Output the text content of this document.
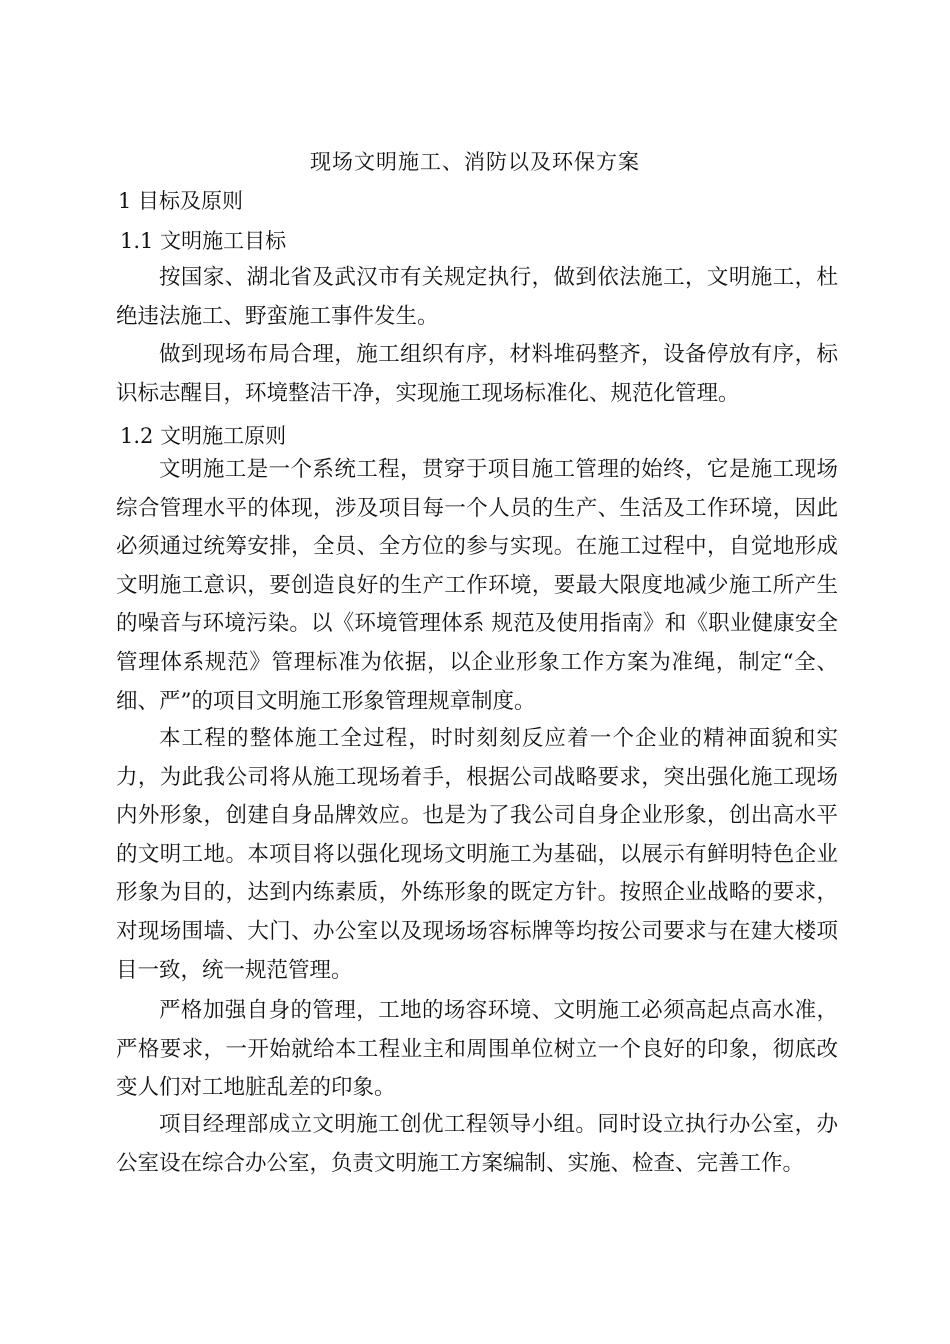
现场文明施工、消防以及环保方案
1 目标及原则
1.1 文明施工目标

按国家、湖北省及武汉市有关规定执行，做到依法施工，文明施工，杜绝违法施工、野蛮施工事件发生。

做到现场布局合理，施工组织有序，材料堆码整齐，设备停放有序，标识标志醒目，环境整洁干净，实现施工现场标准化、规范化管理。

1.2 文明施工原则

文明施工是一个系统工程，贯穿于项目施工管理的始终，它是施工现场综合管理水平的体现，涉及项目每一个人员的生产、生活及工作环境，因此必须通过统筹安排，全员、全方位的参与实现。在施工过程中，自觉地形成文明施工意识，要创造良好的生产工作环境，要最大限度地减少施工所产生的噪音与环境污染。以《环境管理体系 规范及使用指南》和《职业健康安全管理体系规范》管理标准为依据，以企业形象工作方案为准绳，制定“全、细、严”的项目文明施工形象管理规章制度。

本工程的整体施工全过程，时时刻刻反应着一个企业的精神面貌和实力，为此我公司将从施工现场着手，根据公司战略要求，突出强化施工现场内外形象，创建自身品牌效应。也是为了我公司自身企业形象，创出高水平的文明工地。本项目将以强化现场文明施工为基础，以展示有鲜明特色企业形象为目的，达到内练素质，外练形象的既定方针。按照企业战略的要求，对现场围墙、大门、办公室以及现场场容标牌等均按公司要求与在建大楼项目一致，统一规范管理。

严格加强自身的管理，工地的场容环境、文明施工必须高起点高水准，严格要求，一开始就给本工程业主和周围单位树立一个良好的印象，彻底改变人们对工地脏乱差的印象。

项目经理部成立文明施工创优工程领导小组。同时设立执行办公室，办公室设在综合办公室，负责文明施工方案编制、实施、检查、完善工作。
